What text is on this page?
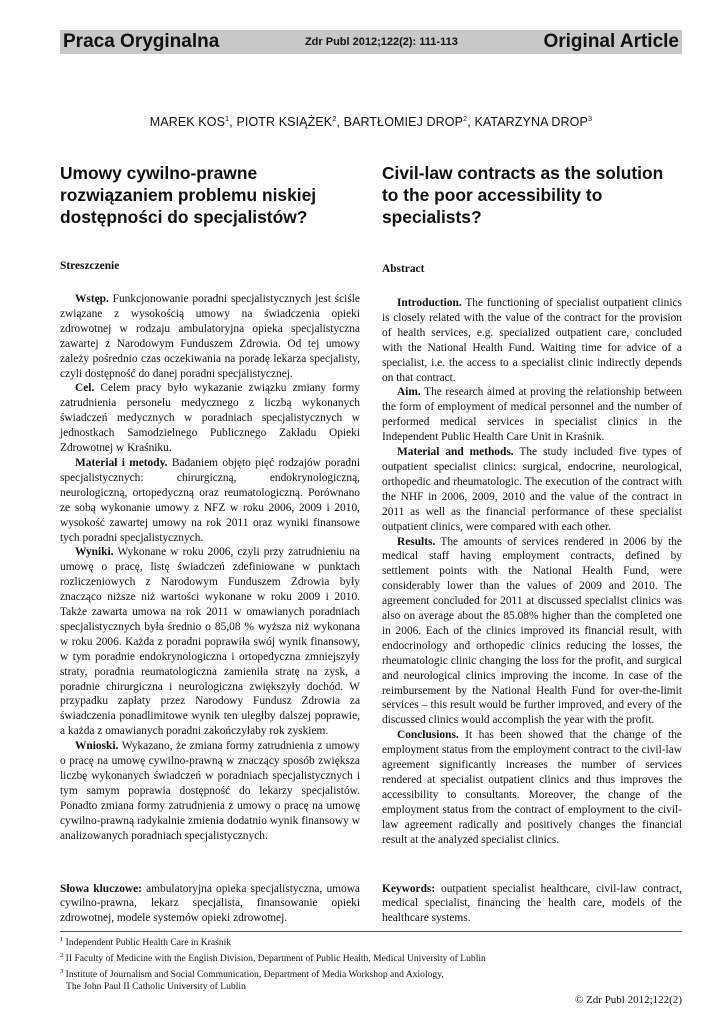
Praca Oryginalna	Zdr Publ 2012;122(2): 111-113	Original Article
MAREK KOS$^1$, PIOTR KSIĄŻEK$^2$, BARTŁOMIEJ DROP$^2$, KATARZYNA DROP$^3$
Umowy cywilno-prawne rozwiązaniem problemu niskiej dostępności do specjalistów?
Civil-law contracts as the solution to the poor accessibility to specialists?
Streszczenie	Abstract

Wstęp. Funkcjonowanie poradni specjalistycznych jest ściśle związane z wysokością umowy na świadczenia opieki zdrowotnej w rodzaju ambulatoryjna opieka specjalistyczna zawartej z Narodowym Funduszem Zdrowia. Od tej umowy zależy pośrednio czas oczekiwania na poradę lekarza specjalisty, czyli dostępność do danej poradni specjalistycznej.

Cel. Celem pracy było wykazanie związku zmiany formy zatrudnienia personelu medycznego z liczbą wykonanych świadczeń medycznych w poradniach specjalistycznych w jednostkach Samodzielnego Publicznego Zakładu Opieki Zdrowotnej w Kraśniku.

Materiał i metody. Badaniem objęto pięć rodzajów poradni specjalistycznych: chirurgiczną, endokrynologiczną, neurologiczną, ortopedyczną oraz reumatologiczną. Porównano ze sobą wykonanie umowy z NFZ w roku 2006, 2009 i 2010, wysokość zawartej umowy na rok 2011 oraz wyniki finansowe tych poradni specjalistycznych.

Wyniki. Wykonane w roku 2006, czyli przy zatrudnieniu na umowę o pracę, listę świadczeń zdefiniowane w punktach rozliczeniowych z Narodowym Funduszem Zdrowia były znacząco niższe niż wartości wykonane w roku 2009 i 2010. Także zawarta umowa na rok 2011 w omawianych poradniach specjalistycznych była średnio o 85,08 % wyższa niż wykonana w roku 2006. Każda z poradni poprawiła swój wynik finansowy, w tym poradnie endokrynologiczna i ortopedyczna zmniejszyły straty, poradnia reumatologiczna zamieniła stratę na zysk, a poradnie chirurgiczna i neurologiczna zwiększyły dochód. W przypadku zapłaty przez Narodowy Fundusz Zdrowia za świadczenia ponadlimitowe wynik ten uległby dalszej poprawie, a każda z omawianych poradni zakończyłaby rok zyskiem.

Wnioski. Wykazano, że zmiana formy zatrudnienia z umowy o pracę na umowę cywilno-prawną w znaczący sposób zwiększa liczbę wykonanych świadczeń w poradniach specjalistycznych i tym samym poprawia dostępność do lekarzy specjalistów. Ponadto zmiana formy zatrudnienia z umowy o pracę na umowę cywilno-prawną radykalnie zmienia dodatnio wynik finansowy w analizowanych poradniach specjalistycznych.

Introduction. The functioning of specialist outpatient clinics is closely related with the value of the contract for the provision of health services, e.g. specialized outpatient care, concluded with the National Health Fund. Waiting time for advice of a specialist, i.e. the access to a specialist clinic indirectly depends on that contract.

Aim. The research aimed at proving the relationship between the form of employment of medical personnel and the number of performed medical services in specialist clinics in the Independent Public Health Care Unit in Kraśnik.

Material and methods. The study included five types of outpatient specialist clinics: surgical, endocrine, neurological, orthopedic and rheumatologic. The execution of the contract with the NHF in 2006, 2009, 2010 and the value of the contract in 2011 as well as the financial performance of these specialist outpatient clinics, were compared with each other.

Results. The amounts of services rendered in 2006 by the medical staff having employment contracts, defined by settlement points with the National Health Fund, were considerably lower than the values of 2009 and 2010. The agreement concluded for 2011 at discussed specialist clinics was also on average about the 85.08% higher than the completed one in 2006. Each of the clinics improved its financial result, with endocrinology and orthopedic clinics reducing the losses, the rheumatologic clinic changing the loss for the profit, and surgical and neurological clinics improving the income. In case of the reimbursement by the National Health Fund for over-the-limit services – this result would be further improved, and every of the discussed clinics would accomplish the year with the profit.

Conclusions. It has been showed that the change of the employment status from the employment contract to the civil-law agreement significantly increases the number of services rendered at specialist outpatient clinics and thus improves the accessibility to consultants. Moreover, the change of the employment status from the contract of employment to the civil-law agreement radically and positively changes the financial result at the analyzed specialist clinics.

Słowa kluczowe: ambulatoryjna opieka specjalistyczna, umowa cywilno-prawna, lekarz specjalista, finansowanie opieki zdrowotnej, modele systemów opieki zdrowotnej.
Keywords: outpatient specialist healthcare, civil-law contract, medical specialist, financing the health care, models of the healthcare systems.
$^1$ Independent Public Health Care in Kraśnik
$^2$ II Faculty of Medicine with the English Division, Department of Public Health, Medical University of Lublin
$^3$ Institute of Journalism and Social Communication, Department of Media Workshop and Axiology,
The John Paul II Catholic University of Lublin
© Zdr Publ 2012;122(2)
